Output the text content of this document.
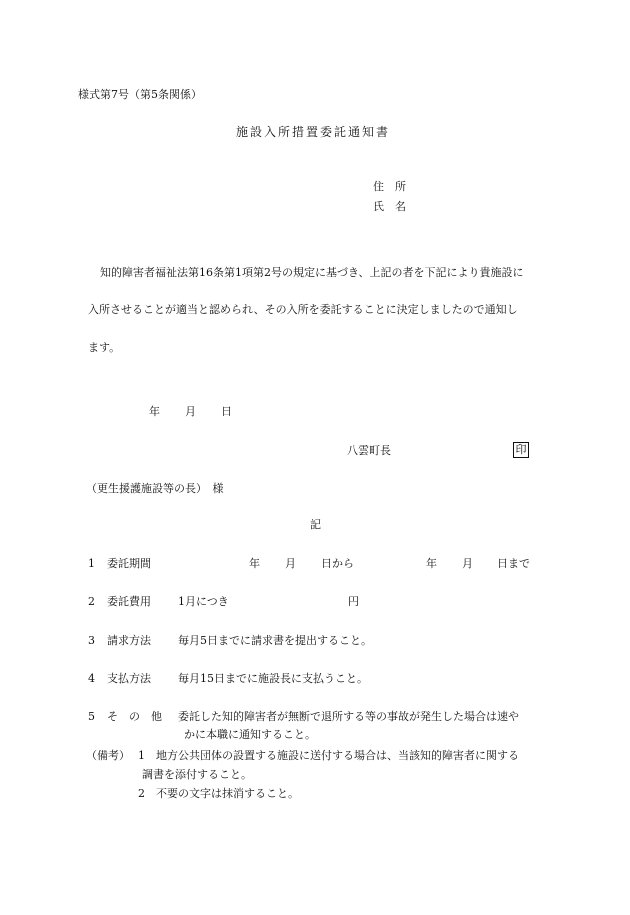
様式第7号（第5条関係）
施設入所措置委託通知書
住　所
氏　名
知的障害者福祉法第16条第1項第2号の規定に基づき、上記の者を下記により貴施設に
入所させることが適当と認められ、その入所を委託することに決定しましたので通知し
ます。
年 月 日
八雲町長	印
（更生援護施設等の長）　様
記
1 委託期間	年 月 日から	年 月 日まで
2 委託費用 1月につき	円
3 請求方法 毎月5日までに請求書を提出すること。
4 支払方法 毎月15日までに施設長に支払うこと。
5 そ　の　他 委託した知的障害者が無断で退所する等の事故が発生した場合は速や
かに本職に通知すること。
（備考） 1 地方公共団体の設置する施設に送付する場合は、当該知的障害者に関する
調書を添付すること。
2 不要の文字は抹消すること。
